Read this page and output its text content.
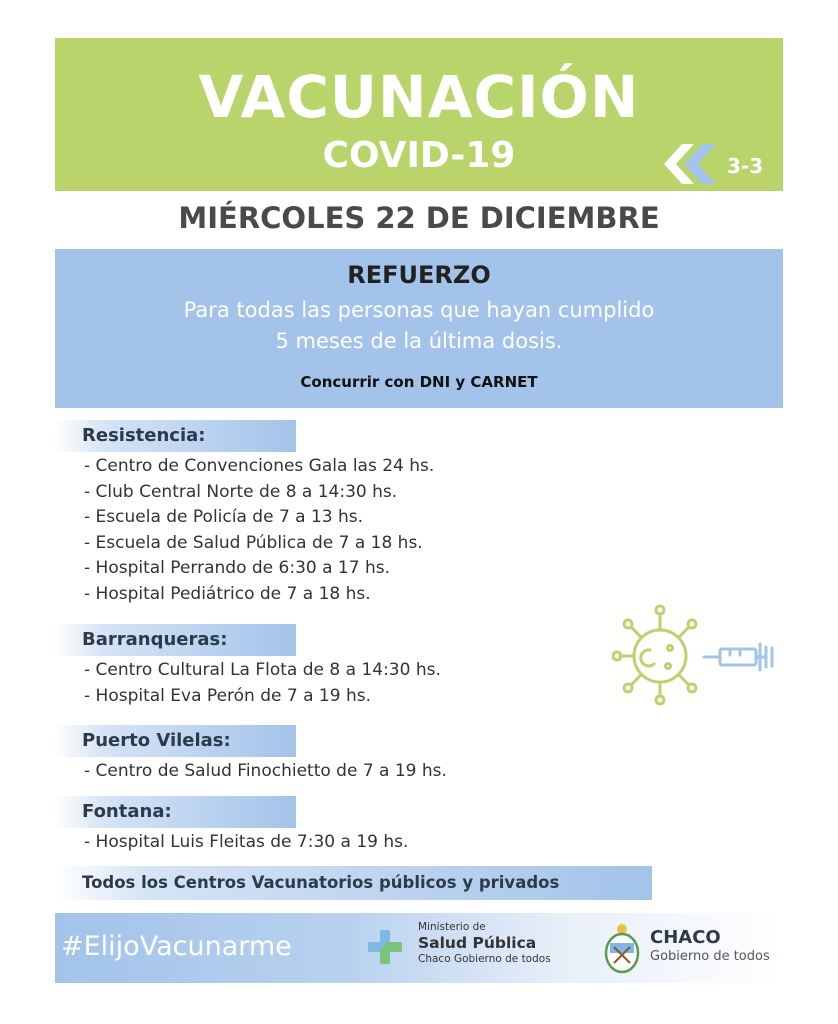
VACUNACIÓN
COVID-19	3-3
MIÉRCOLES 22 DE DICIEMBRE
REFUERZO
Para todas las personas que hayan cumplido
5 meses de la última dosis.
Concurrir con DNI y CARNET
Resistencia:
- Centro de Convenciones Gala las 24 hs.
- Club Central Norte de 8 a 14:30 hs.
- Escuela de Policía de 7 a 13 hs.
- Escuela de Salud Pública de 7 a 18 hs.
- Hospital Perrando de 6:30 a 17 hs.
- Hospital Pediátrico de 7 a 18 hs.
Barranqueras:
- Centro Cultural La Flota de 8 a 14:30 hs.
- Hospital Eva Perón de 7 a 19 hs.
Puerto Vilelas:
- Centro de Salud Finochietto de 7 a 19 hs.
Fontana:
- Hospital Luis Fleitas de 7:30 a 19 hs.
Todos los Centros Vacunatorios públicos y privados
#ElijoVacunarme
Ministerio de
Salud Pública
Chaco Gobierno de todos
CHACO
Gobierno de todos
